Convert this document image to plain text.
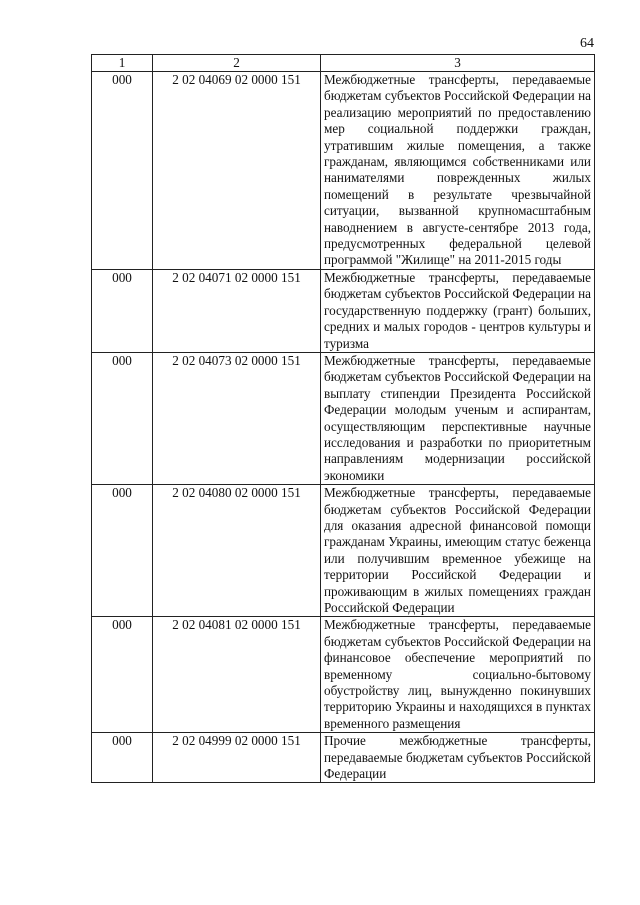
64
1	2	3
000	2 02 04069 02 0000 151	Межбюджетные трансферты, передаваемые бюджетам субъектов Российской Федерации на реализацию мероприятий по предоставлению мер социальной поддержки граждан, утратившим жилые помещения, а также гражданам, являющимся собственниками или нанимателями поврежденных жилых помещений в результате чрезвычайной ситуации, вызванной крупномасштабным наводнением в августе-сентябре 2013 года, предусмотренных федеральной целевой программой "Жилище" на 2011-2015 годы
000	2 02 04071 02 0000 151	Межбюджетные трансферты, передаваемые бюджетам субъектов Российской Федерации на государственную поддержку (грант) больших, средних и малых городов - центров культуры и туризма
000	2 02 04073 02 0000 151	Межбюджетные трансферты, передаваемые бюджетам субъектов Российской Федерации на выплату стипендии Президента Российской Федерации молодым ученым и аспирантам, осуществляющим перспективные научные исследования и разработки по приоритетным направлениям модернизации российской экономики
000	2 02 04080 02 0000 151	Межбюджетные трансферты, передаваемые бюджетам субъектов Российской Федерации для оказания адресной финансовой помощи гражданам Украины, имеющим статус беженца или получившим временное убежище на территории Российской Федерации и проживающим в жилых помещениях граждан Российской Федерации
000	2 02 04081 02 0000 151	Межбюджетные трансферты, передаваемые бюджетам субъектов Российской Федерации на финансовое обеспечение мероприятий по временному социально-бытовому обустройству лиц, вынужденно покинувших территорию Украины и находящихся в пунктах временного размещения
000	2 02 04999 02 0000 151	Прочие межбюджетные трансферты, передаваемые бюджетам субъектов Российской Федерации
